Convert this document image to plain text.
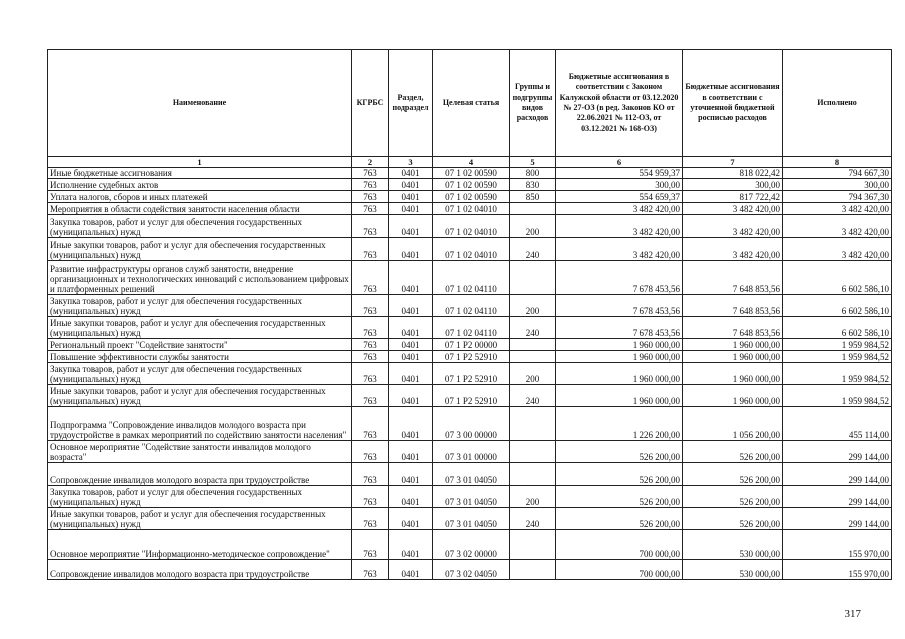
Наименование	КГРБС	Раздел, подраздел	Целевая статья	Группы и подгруппы видов расходов	Бюджетные ассигнования в соответствии с Законом Калужской области от 03.12.2020 № 27-ОЗ (в ред. Законов КО от 22.06.2021 № 112-ОЗ, от 03.12.2021 № 168-ОЗ)	Бюджетные ассигнования в соответствии с уточненной бюджетной росписью расходов	Исполнено
1	2	3	4	5	6	7	8
Иные бюджетные ассигнования	763	0401	07 1 02 00590	800	554 959,37	818 022,42	794 667,30
Исполнение судебных актов	763	0401	07 1 02 00590	830	300,00	300,00	300,00
Уплата налогов, сборов и иных платежей	763	0401	07 1 02 00590	850	554 659,37	817 722,42	794 367,30
Мероприятия в области содействия занятости населения области	763	0401	07 1 02 04010		3 482 420,00	3 482 420,00	3 482 420,00
Закупка товаров, работ и услуг для обеспечения государственных (муниципальных) нужд	763	0401	07 1 02 04010	200	3 482 420,00	3 482 420,00	3 482 420,00
Иные закупки товаров, работ и услуг для обеспечения государственных (муниципальных) нужд	763	0401	07 1 02 04010	240	3 482 420,00	3 482 420,00	3 482 420,00
Развитие инфраструктуры органов служб занятости, внедрение организационных и технологических инноваций с использованием цифровых и платформенных решений	763	0401	07 1 02 04110		7 678 453,56	7 648 853,56	6 602 586,10
Закупка товаров, работ и услуг для обеспечения государственных (муниципальных) нужд	763	0401	07 1 02 04110	200	7 678 453,56	7 648 853,56	6 602 586,10
Иные закупки товаров, работ и услуг для обеспечения государственных (муниципальных) нужд	763	0401	07 1 02 04110	240	7 678 453,56	7 648 853,56	6 602 586,10
Региональный проект "Содействие занятости"	763	0401	07 1 P2 00000		1 960 000,00	1 960 000,00	1 959 984,52
Повышение эффективности службы занятости	763	0401	07 1 P2 52910		1 960 000,00	1 960 000,00	1 959 984,52
Закупка товаров, работ и услуг для обеспечения государственных (муниципальных) нужд	763	0401	07 1 P2 52910	200	1 960 000,00	1 960 000,00	1 959 984,52
Иные закупки товаров, работ и услуг для обеспечения государственных (муниципальных) нужд	763	0401	07 1 P2 52910	240	1 960 000,00	1 960 000,00	1 959 984,52
Подпрограмма "Сопровождение инвалидов молодого возраста при трудоустройстве в рамках мероприятий по содействию занятости населения"	763	0401	07 3 00 00000		1 226 200,00	1 056 200,00	455 114,00
Основное мероприятие "Содействие занятости инвалидов молодого возраста"	763	0401	07 3 01 00000		526 200,00	526 200,00	299 144,00
Сопровождение инвалидов молодого возраста при трудоустройстве	763	0401	07 3 01 04050		526 200,00	526 200,00	299 144,00
Закупка товаров, работ и услуг для обеспечения государственных (муниципальных) нужд	763	0401	07 3 01 04050	200	526 200,00	526 200,00	299 144,00
Иные закупки товаров, работ и услуг для обеспечения государственных (муниципальных) нужд	763	0401	07 3 01 04050	240	526 200,00	526 200,00	299 144,00
Основное мероприятие "Информационно-методическое сопровождение"	763	0401	07 3 02 00000		700 000,00	530 000,00	155 970,00
Сопровождение инвалидов молодого возраста при трудоустройстве	763	0401	07 3 02 04050		700 000,00	530 000,00	155 970,00
317
